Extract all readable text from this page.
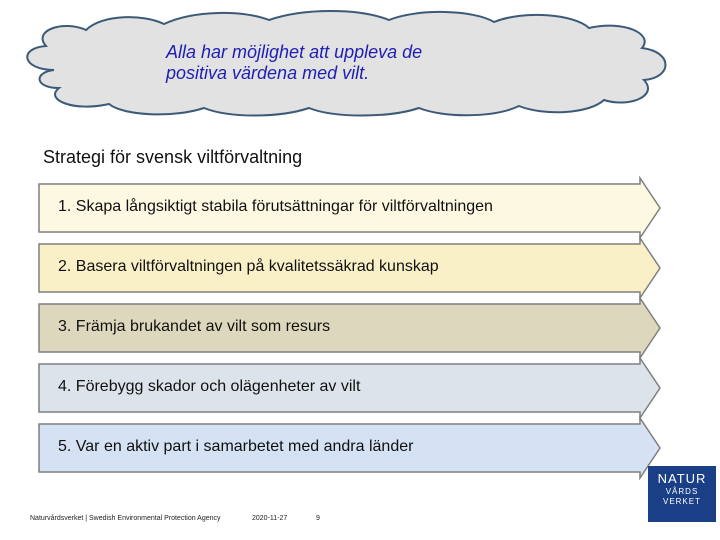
Alla har möjlighet att uppleva de
positiva värdena med vilt.
Strategi för svensk viltförvaltning
1. Skapa långsiktigt stabila förutsättningar för viltförvaltningen
2. Basera viltförvaltningen på kvalitetssäkrad kunskap
3. Främja brukandet av vilt som resurs
4. Förebygg skador och olägenheter av vilt
5. Var en aktiv part i samarbetet med andra länder
NATUR
VÅRDS
VERKET
Naturvårdsverket | Swedish Environmental Protection Agency	2020-11-27	9
